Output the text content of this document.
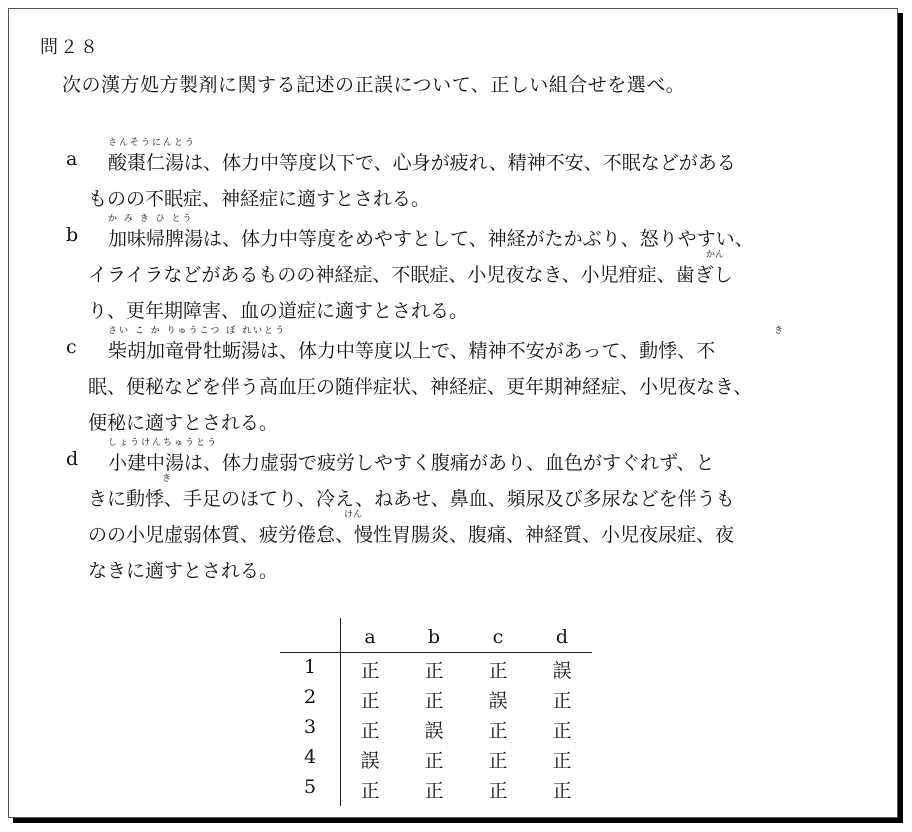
問２８
次の漢方処方製剤に関する記述の正誤について、正しい組合せを選べ。
a
さんそうにんとう
酸棗仁湯は、体力中等度以下で、心身が疲れ、精神不安、不眠などがある
ものの不眠症、神経症に適すとされる。
b
か み き ひ とう
加味帰脾湯は、体力中等度をめやすとして、神経がたかぶり、怒りやすい、
かん
イライラなどがあるものの神経症、不眠症、小児夜なき、小児疳症、歯ぎし
り、更年期障害、血の道症に適すとされる。
c
さい こ か りゅうこつ ぼ れいとう
柴胡加竜骨牡蛎湯は、体力中等度以上で、精神不安があって、動悸、不
き
眠、便秘などを伴う高血圧の随伴症状、神経症、更年期神経症、小児夜なき、
便秘に適すとされる。
d
しょうけんちゅうとう
小建中湯は、体力虚弱で疲労しやすく腹痛があり、血色がすぐれず、と
き
けん
きに動悸、手足のほてり、冷え、ねあせ、鼻血、頻尿及び多尿などを伴うも
のの小児虚弱体質、疲労倦怠、慢性胃腸炎、腹痛、神経質、小児夜尿症、夜
なきに適すとされる。
a	b	c	d
1	正	正	正	誤
2	正	正	誤	正
3	正	誤	正	正
4	誤	正	正	正
5	正	正	正	正
